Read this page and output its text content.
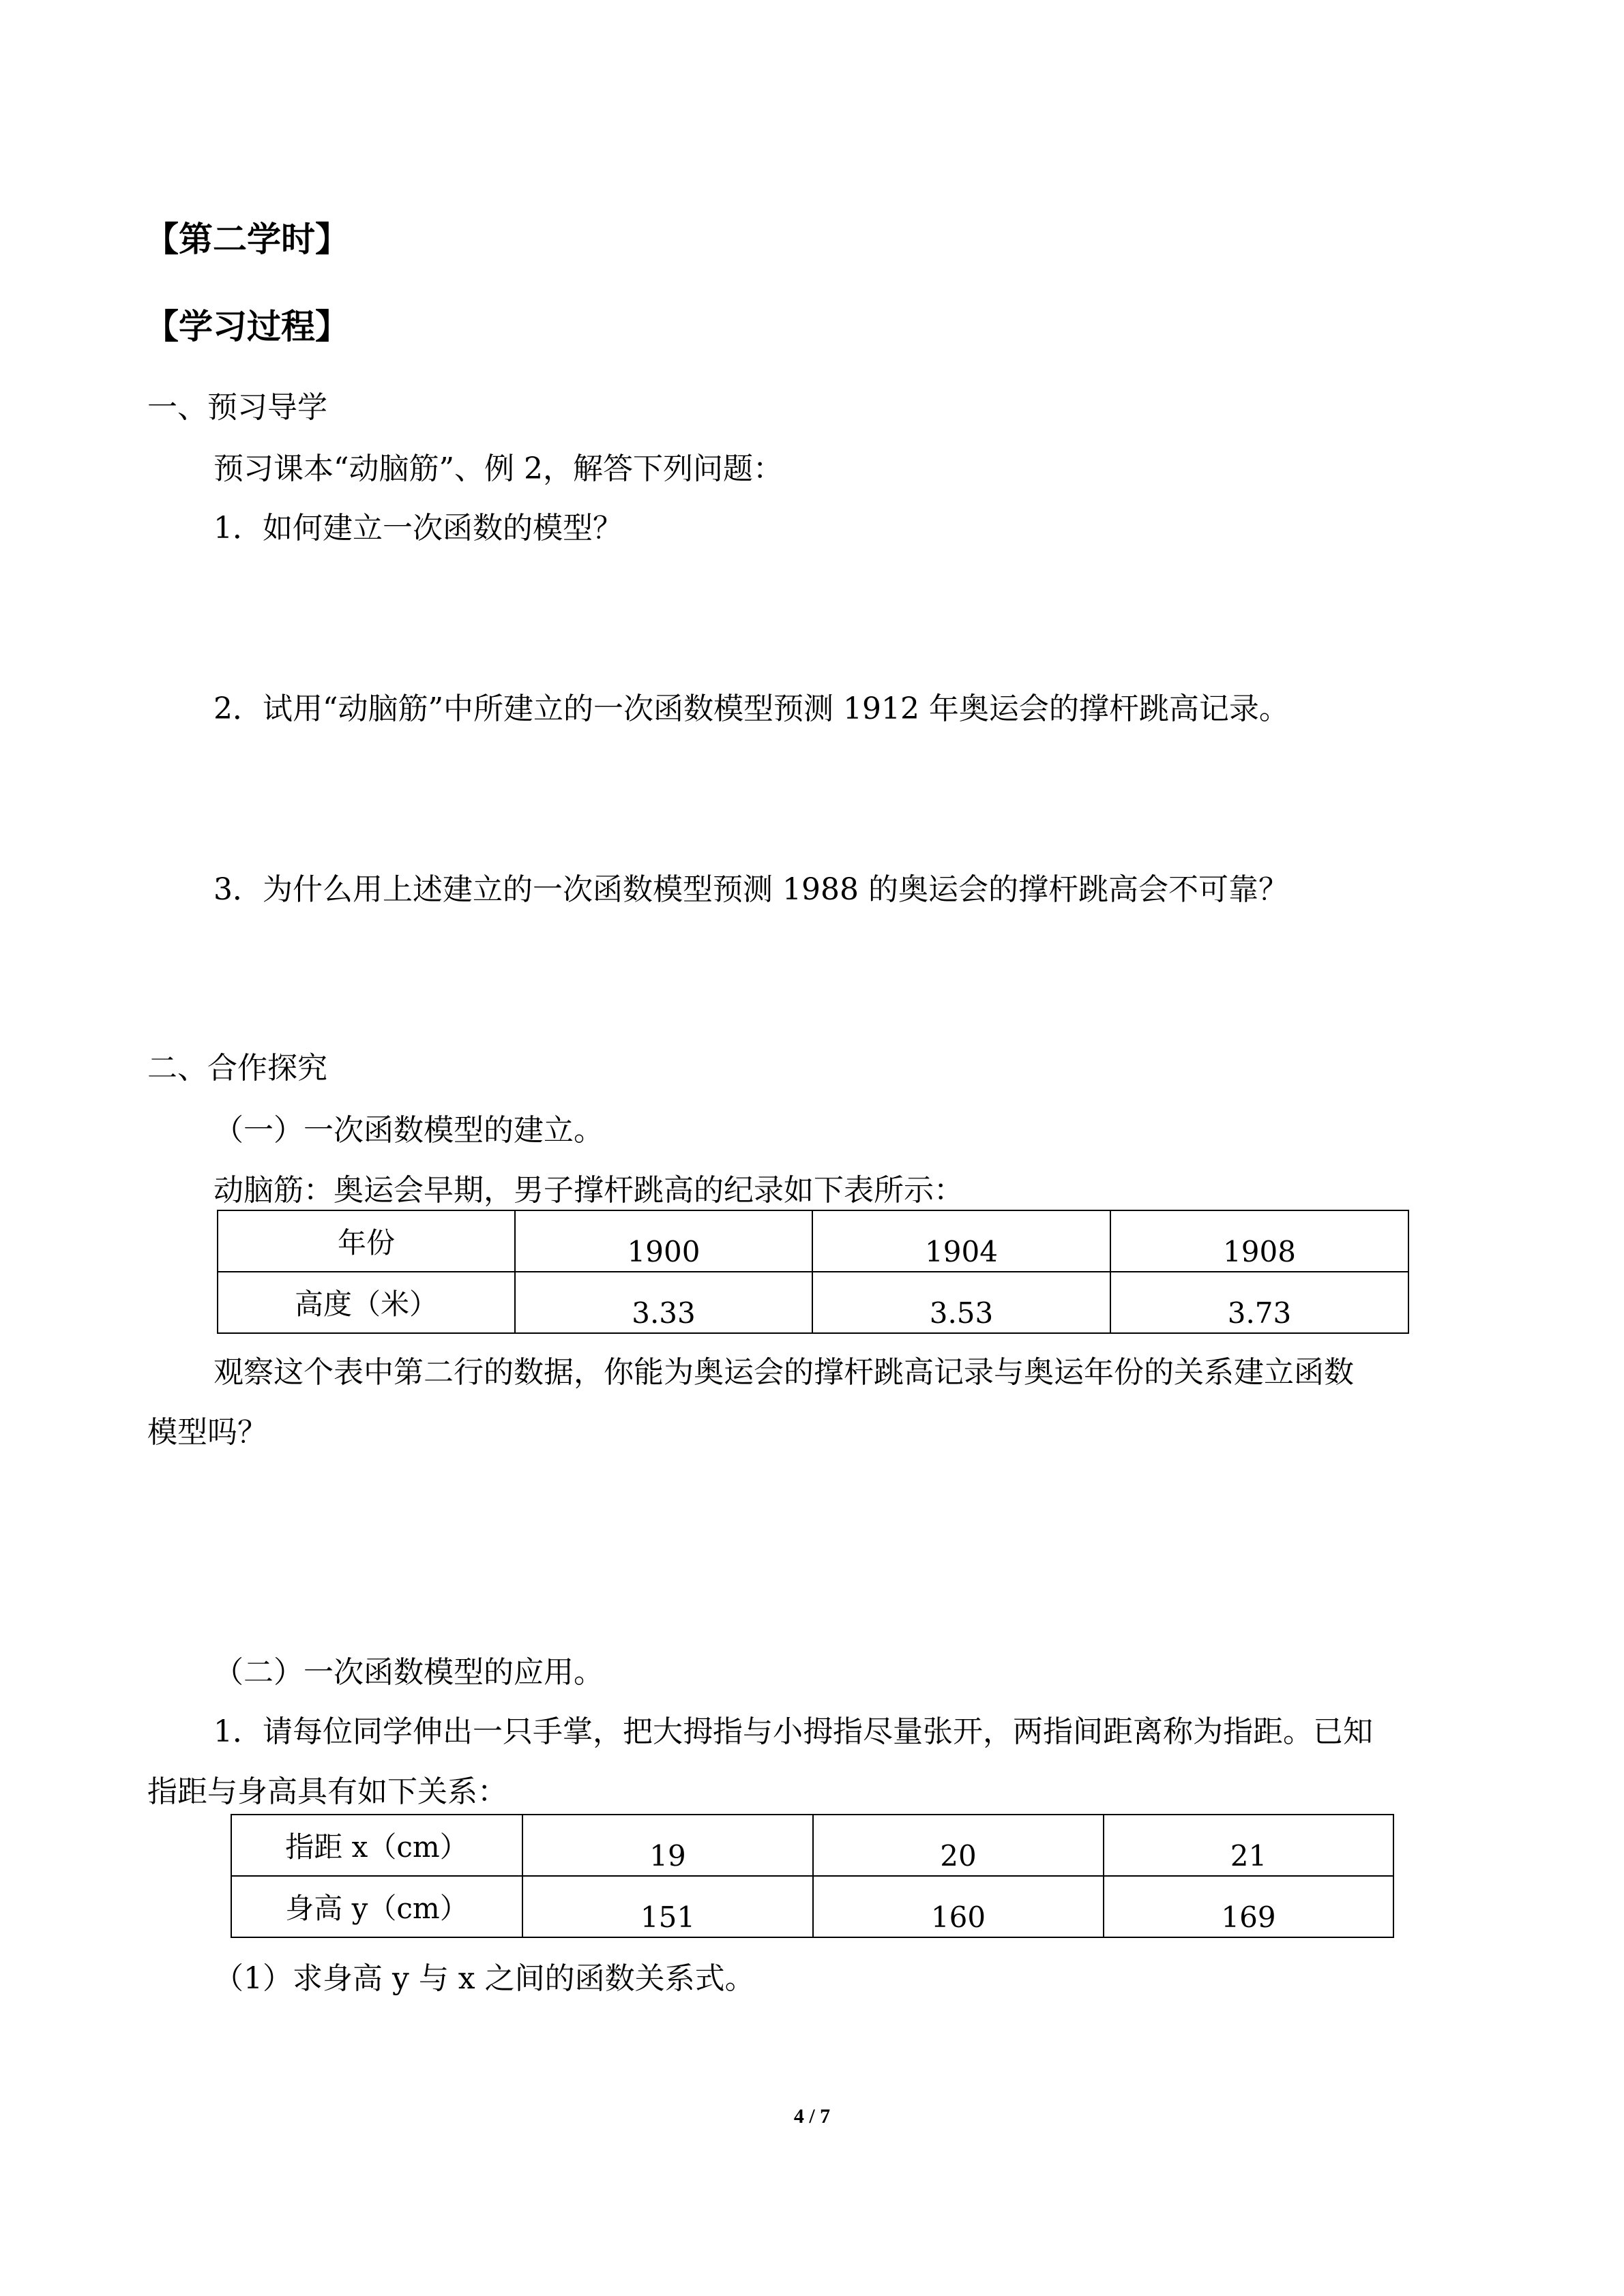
【第二学时】
【学习过程】
一、预习导学
预习课本“动脑筋”、例 2，解答下列问题：
1．如何建立一次函数的模型？
2．试用“动脑筋”中所建立的一次函数模型预测 1912 年奥运会的撑杆跳高记录。
3．为什么用上述建立的一次函数模型预测 1988 的奥运会的撑杆跳高会不可靠？
二、合作探究
（一）一次函数模型的建立。
动脑筋：奥运会早期，男子撑杆跳高的纪录如下表所示：
年份	1900	1904	1908
高度（米）	3.33	3.53	3.73
观察这个表中第二行的数据，你能为奥运会的撑杆跳高记录与奥运年份的关系建立函数
模型吗？
（二）一次函数模型的应用。
1．请每位同学伸出一只手掌，把大拇指与小拇指尽量张开，两指间距离称为指距。已知
指距与身高具有如下关系：
指距 x（cm）	19	20	21
身高 y（cm）	151	160	169
（1）求身高 y 与 x 之间的函数关系式。
4 / 7
